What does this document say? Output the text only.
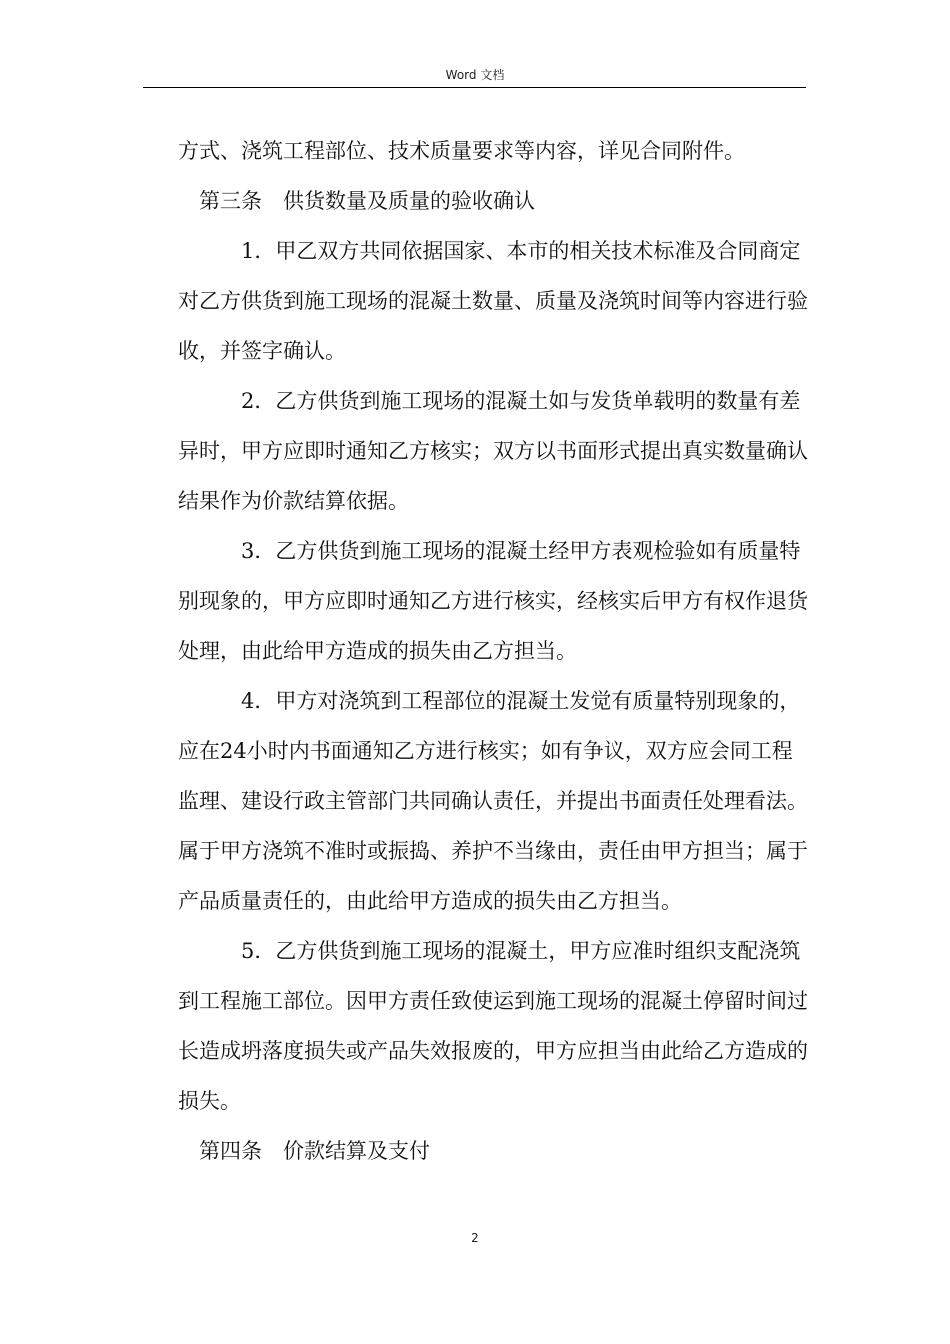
Word 文档

方式、浇筑工程部位、技术质量要求等内容，详见合同附件。

第三条　供货数量及质量的验收确认

1．甲乙双方共同依据国家、本市的相关技术标准及合同商定对乙方供货到施工现场的混凝土数量、质量及浇筑时间等内容进行验收，并签字确认。

2．乙方供货到施工现场的混凝土如与发货单载明的数量有差异时，甲方应即时通知乙方核实；双方以书面形式提出真实数量确认结果作为价款结算依据。

3．乙方供货到施工现场的混凝土经甲方表观检验如有质量特别现象的，甲方应即时通知乙方进行核实，经核实后甲方有权作退货处理，由此给甲方造成的损失由乙方担当。

4．甲方对浇筑到工程部位的混凝土发觉有质量特别现象的，应在24小时内书面通知乙方进行核实；如有争议，双方应会同工程监理、建设行政主管部门共同确认责任，并提出书面责任处理看法。属于甲方浇筑不准时或振捣、养护不当缘由，责任由甲方担当；属于产品质量责任的，由此给甲方造成的损失由乙方担当。

5．乙方供货到施工现场的混凝土，甲方应准时组织支配浇筑到工程施工部位。因甲方责任致使运到施工现场的混凝土停留时间过长造成坍落度损失或产品失效报废的，甲方应担当由此给乙方造成的损失。

第四条　价款结算及支付

2
